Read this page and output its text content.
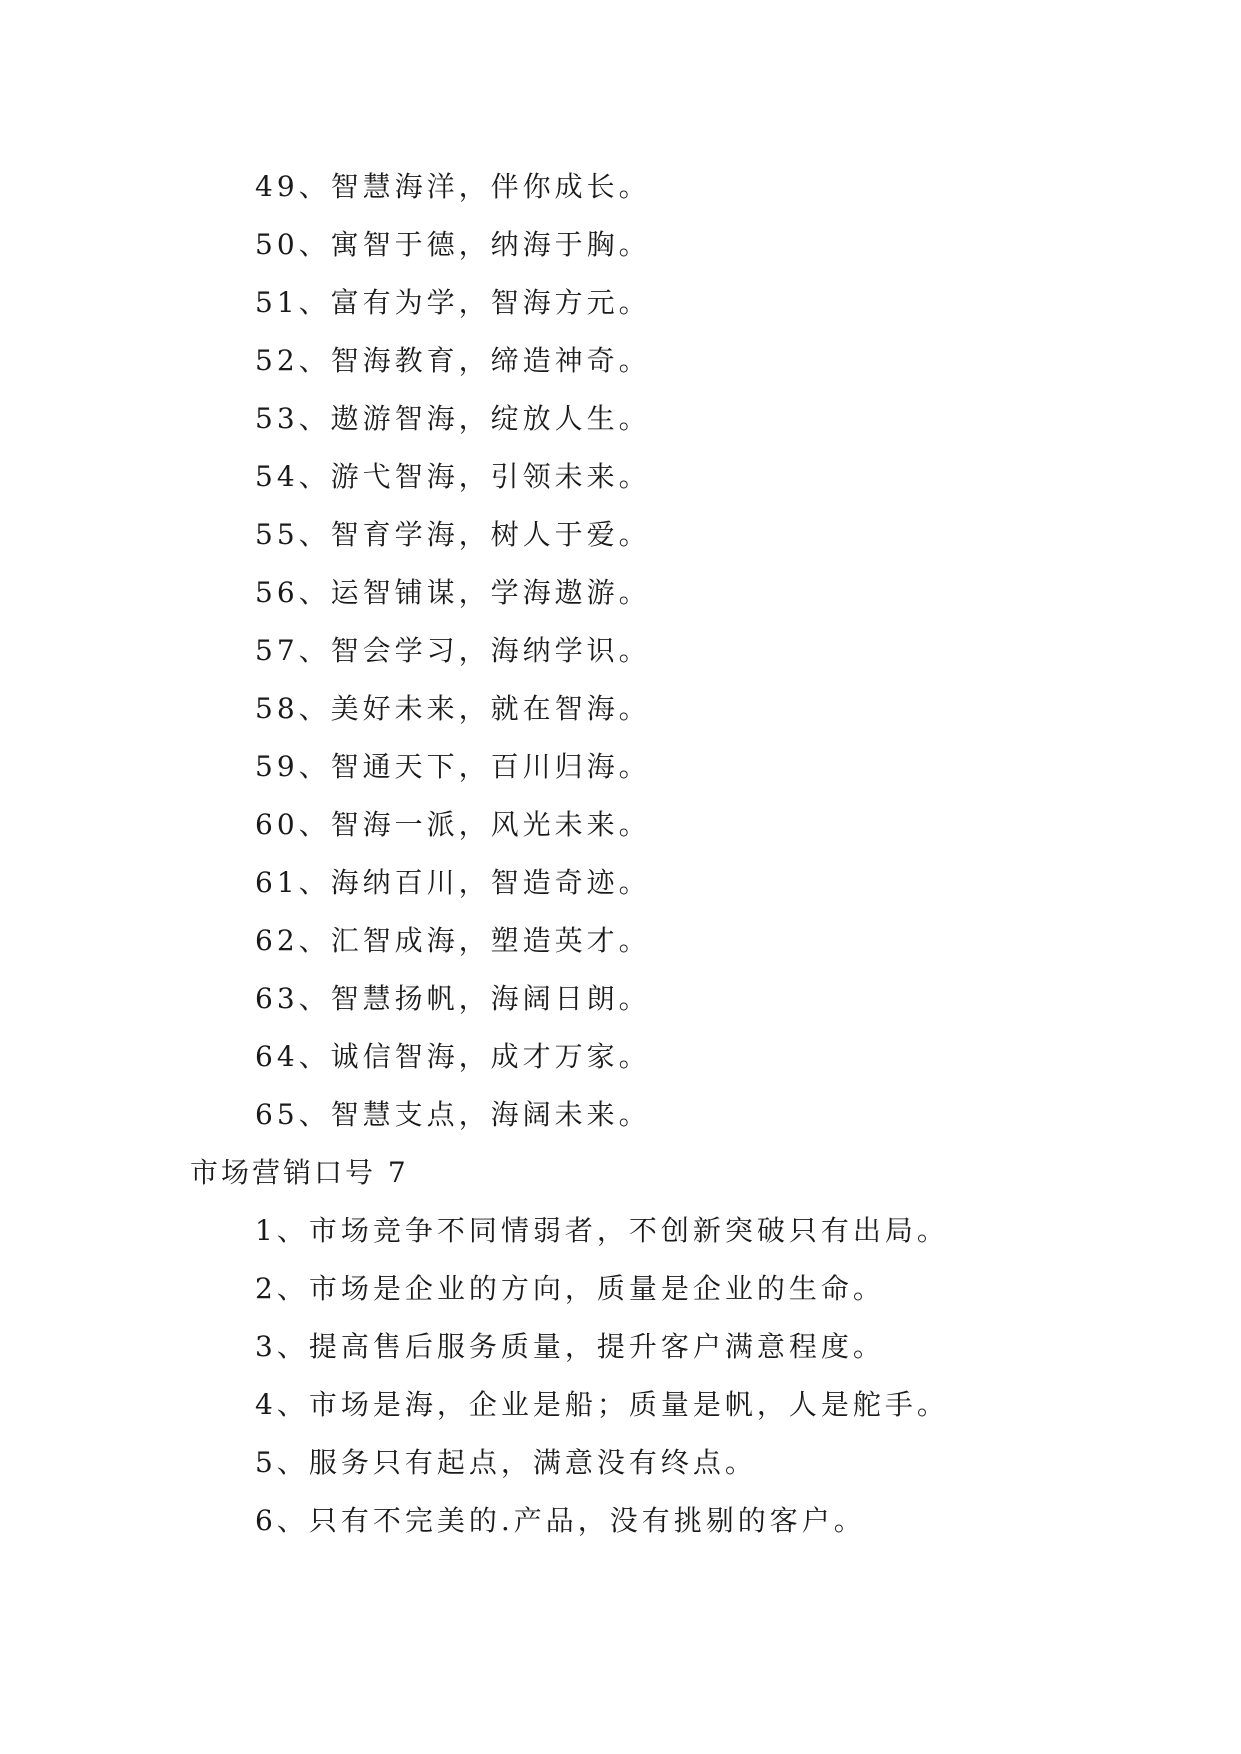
49、智慧海洋，伴你成长。
50、寓智于德，纳海于胸。
51、富有为学，智海方元。
52、智海教育，缔造神奇。
53、遨游智海，绽放人生。
54、游弋智海，引领未来。
55、智育学海，树人于爱。
56、运智铺谋，学海遨游。
57、智会学习，海纳学识。
58、美好未来，就在智海。
59、智通天下，百川归海。
60、智海一派，风光未来。
61、海纳百川，智造奇迹。
62、汇智成海，塑造英才。
63、智慧扬帆，海阔日朗。
64、诚信智海，成才万家。
65、智慧支点，海阔未来。
市场营销口号 7
1、市场竞争不同情弱者，不创新突破只有出局。
2、市场是企业的方向，质量是企业的生命。
3、提高售后服务质量，提升客户满意程度。
4、市场是海，企业是船；质量是帆，人是舵手。
5、服务只有起点，满意没有终点。
6、只有不完美的.产品，没有挑剔的客户。
